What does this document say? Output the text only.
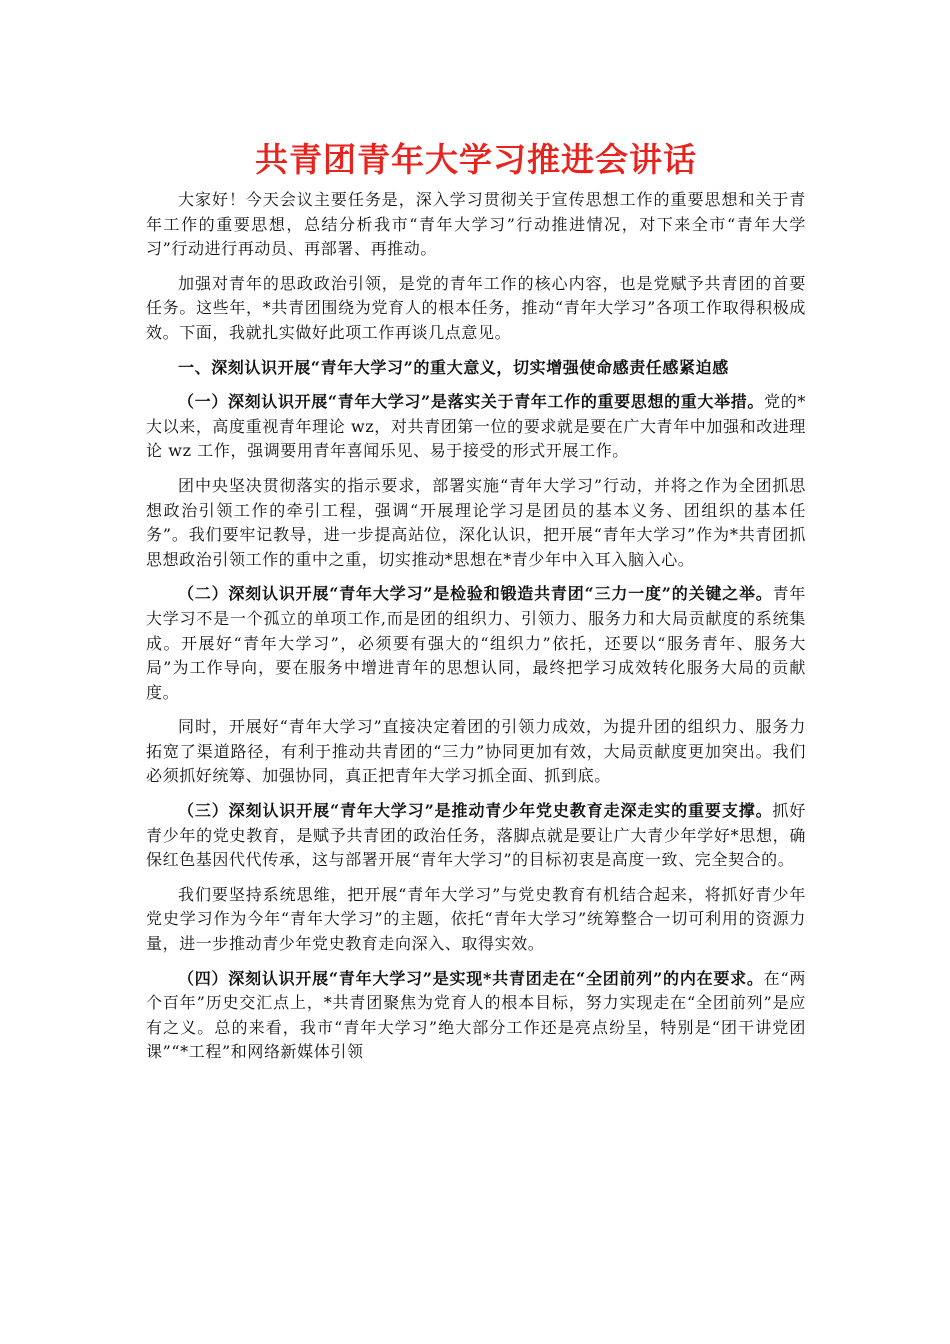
共青团青年大学习推进会讲话

大家好！今天会议主要任务是，深入学习贯彻关于宣传思想工作的重要思想和关于青年工作的重要思想，总结分析我市“青年大学习”行动推进情况，对下来全市“青年大学习”行动进行再动员、再部署、再推动。

加强对青年的思政政治引领，是党的青年工作的核心内容，也是党赋予共青团的首要任务。这些年，*共青团围绕为党育人的根本任务，推动“青年大学习”各项工作取得积极成效。下面，我就扎实做好此项工作再谈几点意见。

一、深刻认识开展“青年大学习”的重大意义，切实增强使命感责任感紧迫感

（一）深刻认识开展“青年大学习”是落实关于青年工作的重要思想的重大举措。党的*大以来，高度重视青年理论 wz，对共青团第一位的要求就是要在广大青年中加强和改进理论 wz 工作，强调要用青年喜闻乐见、易于接受的形式开展工作。

团中央坚决贯彻落实的指示要求，部署实施“青年大学习”行动，并将之作为全团抓思想政治引领工作的牵引工程，强调“开展理论学习是团员的基本义务、团组织的基本任务”。我们要牢记教导，进一步提高站位，深化认识，把开展“青年大学习”作为*共青团抓思想政治引领工作的重中之重，切实推动*思想在*青少年中入耳入脑入心。

（二）深刻认识开展“青年大学习”是检验和锻造共青团“三力一度”的关键之举。青年大学习不是一个孤立的单项工作,而是团的组织力、引领力、服务力和大局贡献度的系统集成。开展好“青年大学习”，必须要有强大的“组织力”依托，还要以“服务青年、服务大局”为工作导向，要在服务中增进青年的思想认同，最终把学习成效转化服务大局的贡献度。

同时，开展好“青年大学习”直接决定着团的引领力成效，为提升团的组织力、服务力拓宽了渠道路径，有利于推动共青团的“三力”协同更加有效，大局贡献度更加突出。我们必须抓好统筹、加强协同，真正把青年大学习抓全面、抓到底。

（三）深刻认识开展“青年大学习”是推动青少年党史教育走深走实的重要支撑。抓好青少年的党史教育，是赋予共青团的政治任务，落脚点就是要让广大青少年学好*思想，确保红色基因代代传承，这与部署开展“青年大学习”的目标初衷是高度一致、完全契合的。

我们要坚持系统思维，把开展“青年大学习”与党史教育有机结合起来，将抓好青少年党史学习作为今年“青年大学习”的主题，依托“青年大学习”统筹整合一切可利用的资源力量，进一步推动青少年党史教育走向深入、取得实效。

（四）深刻认识开展“青年大学习”是实现*共青团走在“全团前列”的内在要求。在“两个百年”历史交汇点上，*共青团聚焦为党育人的根本目标，努力实现走在“全团前列”是应有之义。总的来看，我市“青年大学习”绝大部分工作还是亮点纷呈，特别是“团干讲党团课”“*工程”和网络新媒体引领
